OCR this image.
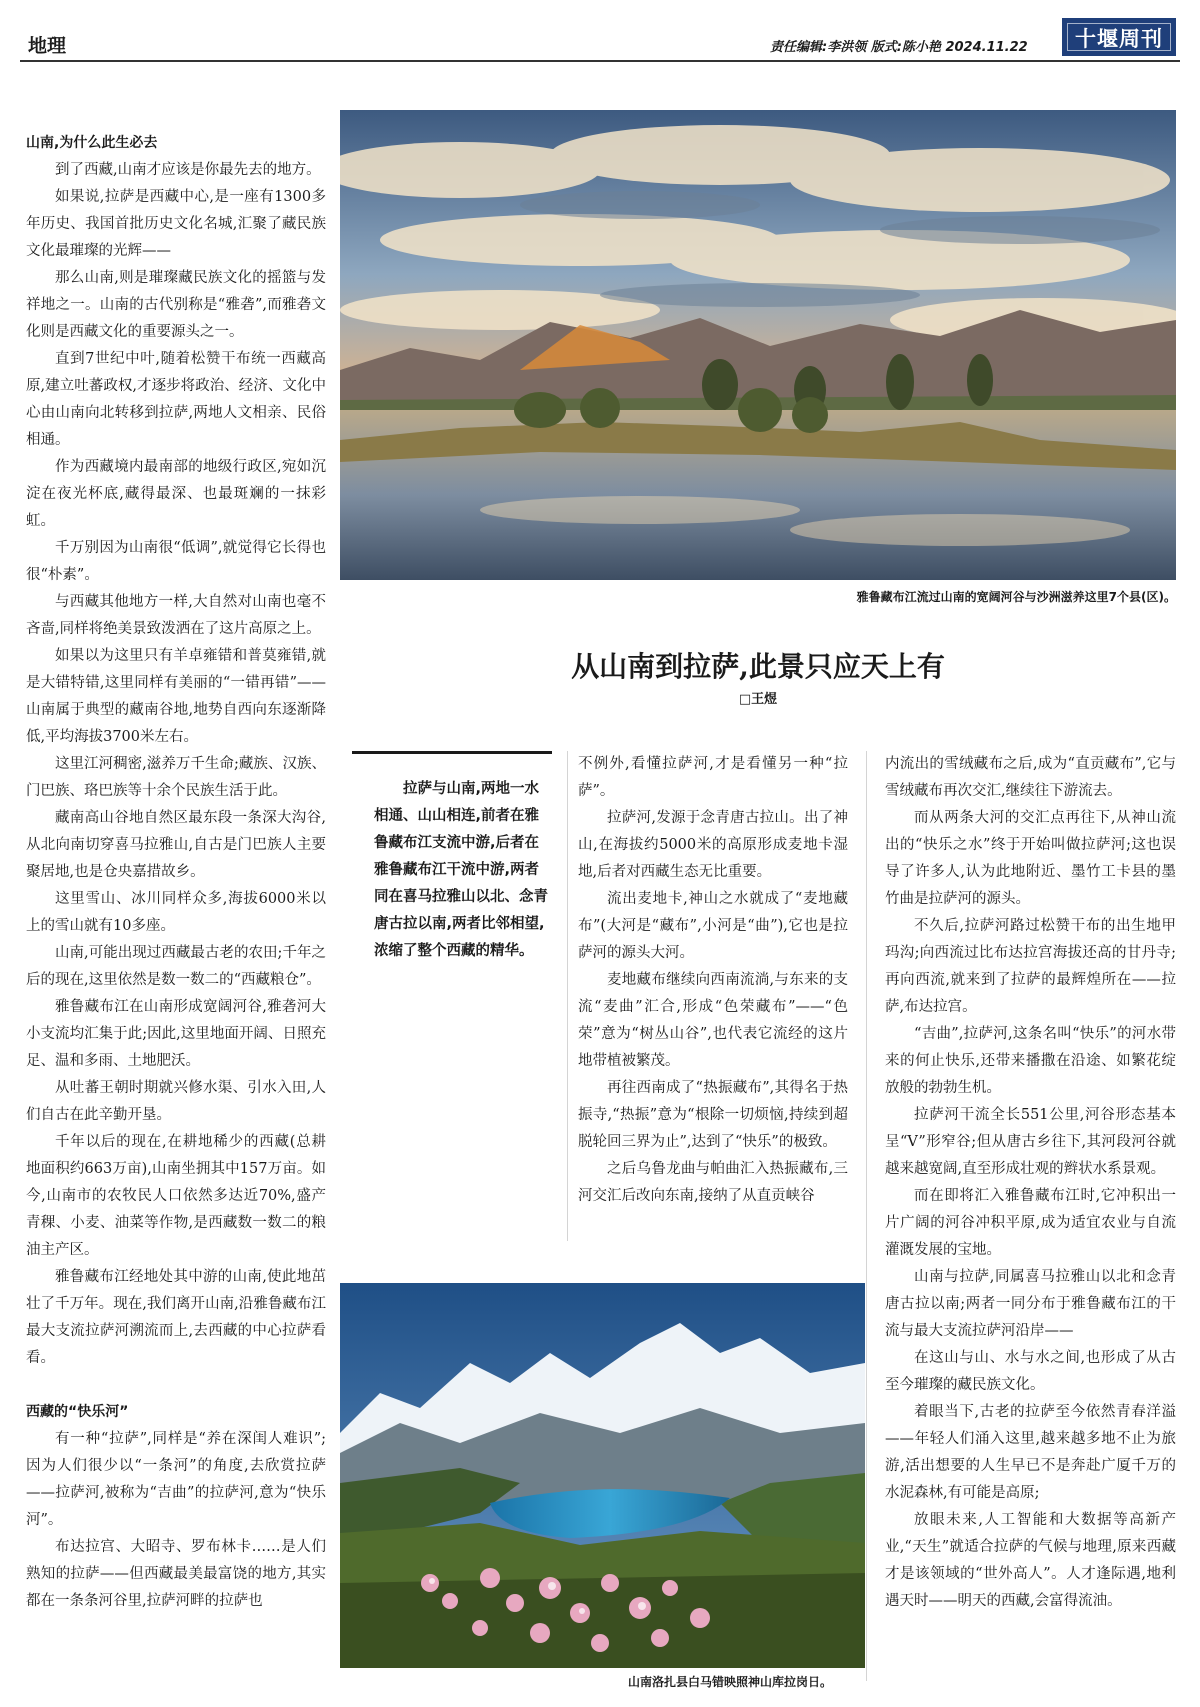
地理	责任编辑:李洪领 版式:陈小艳 2024.11.22	十堰周刊
山南,为什么此生必去

到了西藏,山南才应该是你最先去的地方。

如果说,拉萨是西藏中心,是一座有1300多年历史、我国首批历史文化名城,汇聚了藏民族文化最璀璨的光辉——

那么山南,则是璀璨藏民族文化的摇篮与发祥地之一。山南的古代别称是“雅砻”,而雅砻文化则是西藏文化的重要源头之一。

直到7世纪中叶,随着松赞干布统一西藏高原,建立吐蕃政权,才逐步将政治、经济、文化中心由山南向北转移到拉萨,两地人文相亲、民俗相通。

作为西藏境内最南部的地级行政区,宛如沉淀在夜光杯底,藏得最深、也最斑斓的一抹彩虹。

千万别因为山南很“低调”,就觉得它长得也很“朴素”。

与西藏其他地方一样,大自然对山南也毫不吝啬,同样将绝美景致泼洒在了这片高原之上。

如果以为这里只有羊卓雍错和普莫雍错,就是大错特错,这里同样有美丽的“一错再错”——山南属于典型的藏南谷地,地势自西向东逐渐降低,平均海拔3700米左右。

这里江河稠密,滋养万千生命;藏族、汉族、门巴族、珞巴族等十余个民族生活于此。

藏南高山谷地自然区最东段一条深大沟谷,从北向南切穿喜马拉雅山,自古是门巴族人主要聚居地,也是仓央嘉措故乡。

这里雪山、冰川同样众多,海拔6000米以上的雪山就有10多座。

山南,可能出现过西藏最古老的农田;千年之后的现在,这里依然是数一数二的“西藏粮仓”。

雅鲁藏布江在山南形成宽阔河谷,雅砻河大小支流均汇集于此;因此,这里地面开阔、日照充足、温和多雨、土地肥沃。

从吐蕃王朝时期就兴修水渠、引水入田,人们自古在此辛勤开垦。

千年以后的现在,在耕地稀少的西藏(总耕地面积约663万亩),山南坐拥其中157万亩。如今,山南市的农牧民人口依然多达近70%,盛产青稞、小麦、油菜等作物,是西藏数一数二的粮油主产区。

雅鲁藏布江经地处其中游的山南,使此地茁壮了千万年。现在,我们离开山南,沿雅鲁藏布江最大支流拉萨河溯流而上,去西藏的中心拉萨看看。

西藏的“快乐河”

有一种“拉萨”,同样是“养在深闺人难识”;因为人们很少以“一条河”的角度,去欣赏拉萨——拉萨河,被称为“吉曲”的拉萨河,意为“快乐河”。

布达拉宫、大昭寺、罗布林卡……是人们熟知的拉萨——但西藏最美最富饶的地方,其实都在一条条河谷里,拉萨河畔的拉萨也

雅鲁藏布江流过山南的宽阔河谷与沙洲滋养这里7个县(区)。
从山南到拉萨,此景只应天上有
□王煜

拉萨与山南,两地一水相通、山山相连,前者在雅鲁藏布江支流中游,后者在雅鲁藏布江干流中游,两者同在喜马拉雅山以北、念青唐古拉以南,两者比邻相望,浓缩了整个西藏的精华。

不例外,看懂拉萨河,才是看懂另一种“拉萨”。

拉萨河,发源于念青唐古拉山。出了神山,在海拔约5000米的高原形成麦地卡湿地,后者对西藏生态无比重要。

流出麦地卡,神山之水就成了“麦地藏布”(大河是“藏布”,小河是“曲”),它也是拉萨河的源头大河。

麦地藏布继续向西南流淌,与东来的支流“麦曲”汇合,形成“色荣藏布”——“色荣”意为“树丛山谷”,也代表它流经的这片地带植被繁茂。

再往西南成了“热振藏布”,其得名于热振寺,“热振”意为“根除一切烦恼,持续到超脱轮回三界为止”,达到了“快乐”的极致。

之后乌鲁龙曲与帕曲汇入热振藏布,三河交汇后改向东南,接纳了从直贡峡谷

内流出的雪绒藏布之后,成为“直贡藏布”,它与雪绒藏布再次交汇,继续往下游流去。

而从两条大河的交汇点再往下,从神山流出的“快乐之水”终于开始叫做拉萨河;这也误导了许多人,认为此地附近、墨竹工卡县的墨竹曲是拉萨河的源头。

不久后,拉萨河路过松赞干布的出生地甲玛沟;向西流过比布达拉宫海拔还高的甘丹寺;再向西流,就来到了拉萨的最辉煌所在——拉萨,布达拉宫。

“吉曲”,拉萨河,这条名叫“快乐”的河水带来的何止快乐,还带来播撒在沿途、如繁花绽放般的勃勃生机。

拉萨河干流全长551公里,河谷形态基本呈“V”形窄谷;但从唐古乡往下,其河段河谷就越来越宽阔,直至形成壮观的辫状水系景观。

而在即将汇入雅鲁藏布江时,它冲积出一片广阔的河谷冲积平原,成为适宜农业与自流灌溉发展的宝地。

山南与拉萨,同属喜马拉雅山以北和念青唐古拉以南;两者一同分布于雅鲁藏布江的干流与最大支流拉萨河沿岸——

在这山与山、水与水之间,也形成了从古至今璀璨的藏民族文化。

着眼当下,古老的拉萨至今依然青春洋溢——年轻人们涌入这里,越来越多地不止为旅游,活出想要的人生早已不是奔赴广厦千万的水泥森林,有可能是高原;

放眼未来,人工智能和大数据等高新产业,“天生”就适合拉萨的气候与地理,原来西藏才是该领域的“世外高人”。人才逢际遇,地利遇天时——明天的西藏,会富得流油。

山南洛扎县白马错映照神山库拉岗日。
